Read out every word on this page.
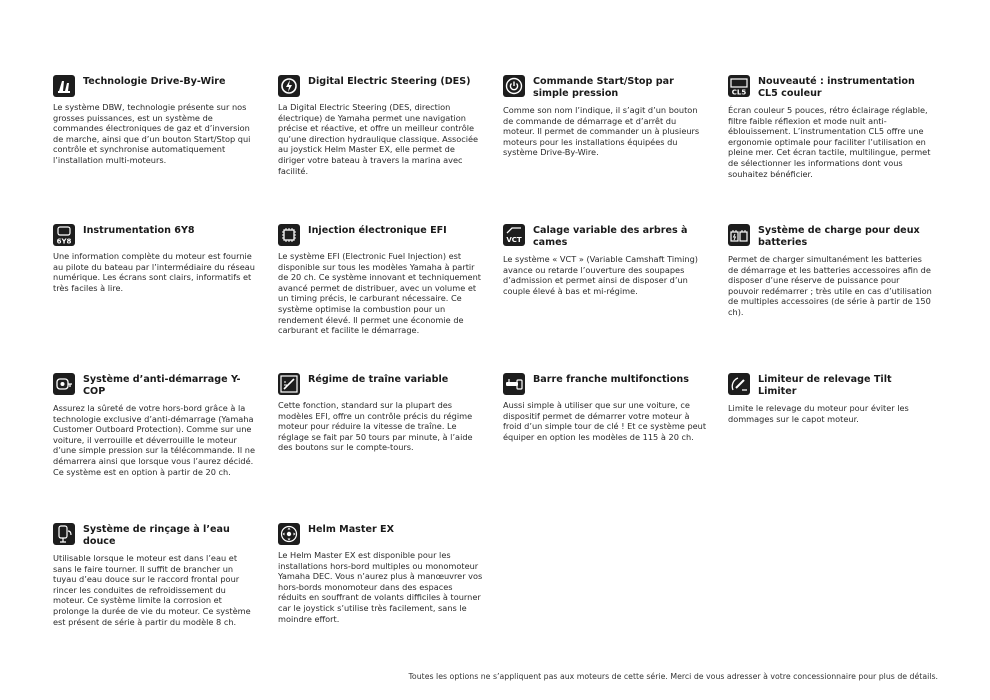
Technologie Drive-By-Wire
Le système DBW, technologie présente sur nos grosses puissances, est un système de commandes électroniques de gaz et d’inversion de marche, ainsi que d’un bouton Start/Stop qui contrôle et synchronise automatiquement l’installation multi-moteurs.
Digital Electric Steering (DES)
La Digital Electric Steering (DES, direction électrique) de Yamaha permet une navigation précise et réactive, et offre un meilleur contrôle qu’une direction hydraulique classique. Associée au joystick Helm Master EX, elle permet de diriger votre bateau à travers la marina avec facilité.
Commande Start/Stop par simple pression
Comme son nom l’indique, il s’agit d’un bouton de commande de démarrage et d’arrêt du moteur. Il permet de commander un à plusieurs moteurs pour les installations équipées du système Drive-By-Wire.
CL5
Nouveauté : instrumentation CL5 couleur
Écran couleur 5 pouces, rétro éclairage réglable, filtre faible réflexion et mode nuit anti- éblouissement. L’instrumentation CL5 offre une ergonomie optimale pour faciliter l’utilisation en pleine mer. Cet écran tactile, multilingue, permet de sélectionner les informations dont vous souhaitez bénéficier.
6Y8
Instrumentation 6Y8
Une information complète du moteur est fournie au pilote du bateau par l’intermédiaire du réseau numérique. Les écrans sont clairs, informatifs et très faciles à lire.
Injection électronique EFI
Le système EFI (Electronic Fuel Injection) est disponible sur tous les modèles Yamaha à partir de 20 ch. Ce système innovant et techniquement avancé permet de distribuer, avec un volume et un timing précis, le carburant nécessaire. Ce système optimise la combustion pour un rendement élevé. Il permet une économie de carburant et facilite le démarrage.
VCT
Calage variable des arbres à cames
Le système « VCT » (Variable Camshaft Timing) avance ou retarde l’ouverture des soupapes d’admission et permet ainsi de disposer d’un couple élevé à bas et mi-régime.
Système de charge pour deux batteries
Permet de charger simultanément les batteries de démarrage et les batteries accessoires afin de disposer d’une réserve de puissance pour pouvoir redémarrer ; très utile en cas d’utilisation de multiples accessoires (de série à partir de 150 ch).
Système d’anti-démarrage Y-COP
Assurez la sûreté de votre hors-bord grâce à la technologie exclusive d’anti-démarrage (Yamaha Customer Outboard Protection). Comme sur une voiture, il verrouille et déverrouille le moteur d’une simple pression sur la télécommande. Il ne démarrera ainsi que lorsque vous l’aurez décidé. Ce système est en option à partir de 20 ch.
Régime de traîne variable
Cette fonction, standard sur la plupart des modèles EFI, offre un contrôle précis du régime moteur pour réduire la vitesse de traîne. Le réglage se fait par 50 tours par minute, à l’aide des boutons sur le compte-tours.
Barre franche multifonctions
Aussi simple à utiliser que sur une voiture, ce dispositif permet de démarrer votre moteur à froid d’un simple tour de clé ! Et ce système peut équiper en option les modèles de 115 à 20 ch.
Limiteur de relevage Tilt Limiter
Limite le relevage du moteur pour éviter les dommages sur le capot moteur.
Système de rinçage à l’eau douce
Utilisable lorsque le moteur est dans l’eau et sans le faire tourner. Il suffit de brancher un tuyau d’eau douce sur le raccord frontal pour rincer les conduites de refroidissement du moteur. Ce système limite la corrosion et prolonge la durée de vie du moteur. Ce système est présent de série à partir du modèle 8 ch.
Helm Master EX
Le Helm Master EX est disponible pour les installations hors-bord multiples ou monomoteur Yamaha DEC. Vous n’aurez plus à manœuvrer vos hors-bords monomoteur dans des espaces réduits en souffrant de volants difficiles à tourner car le joystick s’utilise très facilement, sans le moindre effort.
Toutes les options ne s’appliquent pas aux moteurs de cette série. Merci de vous adresser à votre concessionnaire pour plus de détails.
